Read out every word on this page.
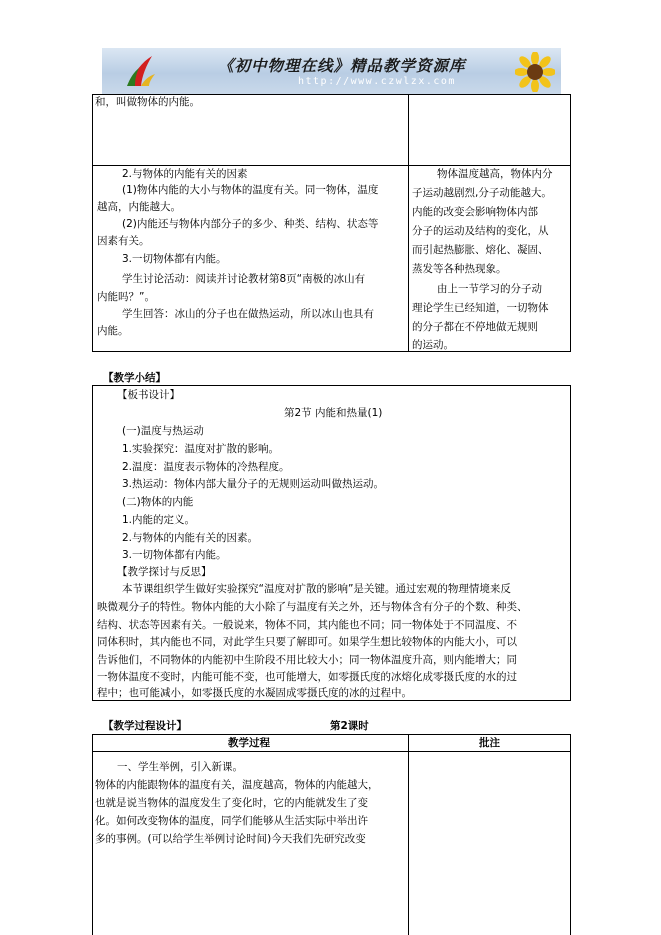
《初中物理在线》精品教学资源库
http://www.czwlzx.com
和，叫做物体的内能。
2.与物体的内能有关的因素
(1)物体内能的大小与物体的温度有关。同一物体，温度
越高，内能越大。
(2)内能还与物体内部分子的多少、种类、结构、状态等
因素有关。
3.一切物体都有内能。
学生讨论活动：阅读并讨论教材第8页“南极的冰山有
内能吗？”。
学生回答：冰山的分子也在做热运动，所以冰山也具有
内能。
物体温度越高，物体内分
子运动越剧烈,分子动能越大。
内能的改变会影响物体内部
分子的运动及结构的变化，从
而引起热膨胀、熔化、凝固、
蒸发等各种热现象。
由上一节学习的分子动
理论学生已经知道，一切物体
的分子都在不停地做无规则
的运动。
【教学小结】
【板书设计】
第2节 内能和热量(1)
(一)温度与热运动
1.实验探究：温度对扩散的影响。
2.温度：温度表示物体的冷热程度。
3.热运动：物体内部大量分子的无规则运动叫做热运动。
(二)物体的内能
1.内能的定义。
2.与物体的内能有关的因素。
3.一切物体都有内能。
【教学探讨与反思】
本节课组织学生做好实验探究“温度对扩散的影响”是关键。通过宏观的物理情境来反
映微观分子的特性。物体内能的大小除了与温度有关之外，还与物体含有分子的个数、种类、
结构、状态等因素有关。一般说来，物体不同，其内能也不同；同一物体处于不同温度、不
同体积时，其内能也不同，对此学生只要了解即可。如果学生想比较物体的内能大小，可以
告诉他们，不同物体的内能初中生阶段不用比较大小；同一物体温度升高，则内能增大；同
一物体温度不变时，内能可能不变，也可能增大，如零摄氏度的冰熔化成零摄氏度的水的过
程中；也可能减小，如零摄氏度的水凝固成零摄氏度的冰的过程中。
【教学过程设计】	第2课时
教学过程	批注
一、学生举例，引入新课。
物体的内能跟物体的温度有关，温度越高，物体的内能越大，
也就是说当物体的温度发生了变化时，它的内能就发生了变
化。如何改变物体的温度，同学们能够从生活实际中举出许
多的事例。(可以给学生举例讨论时间)今天我们先研究改变
